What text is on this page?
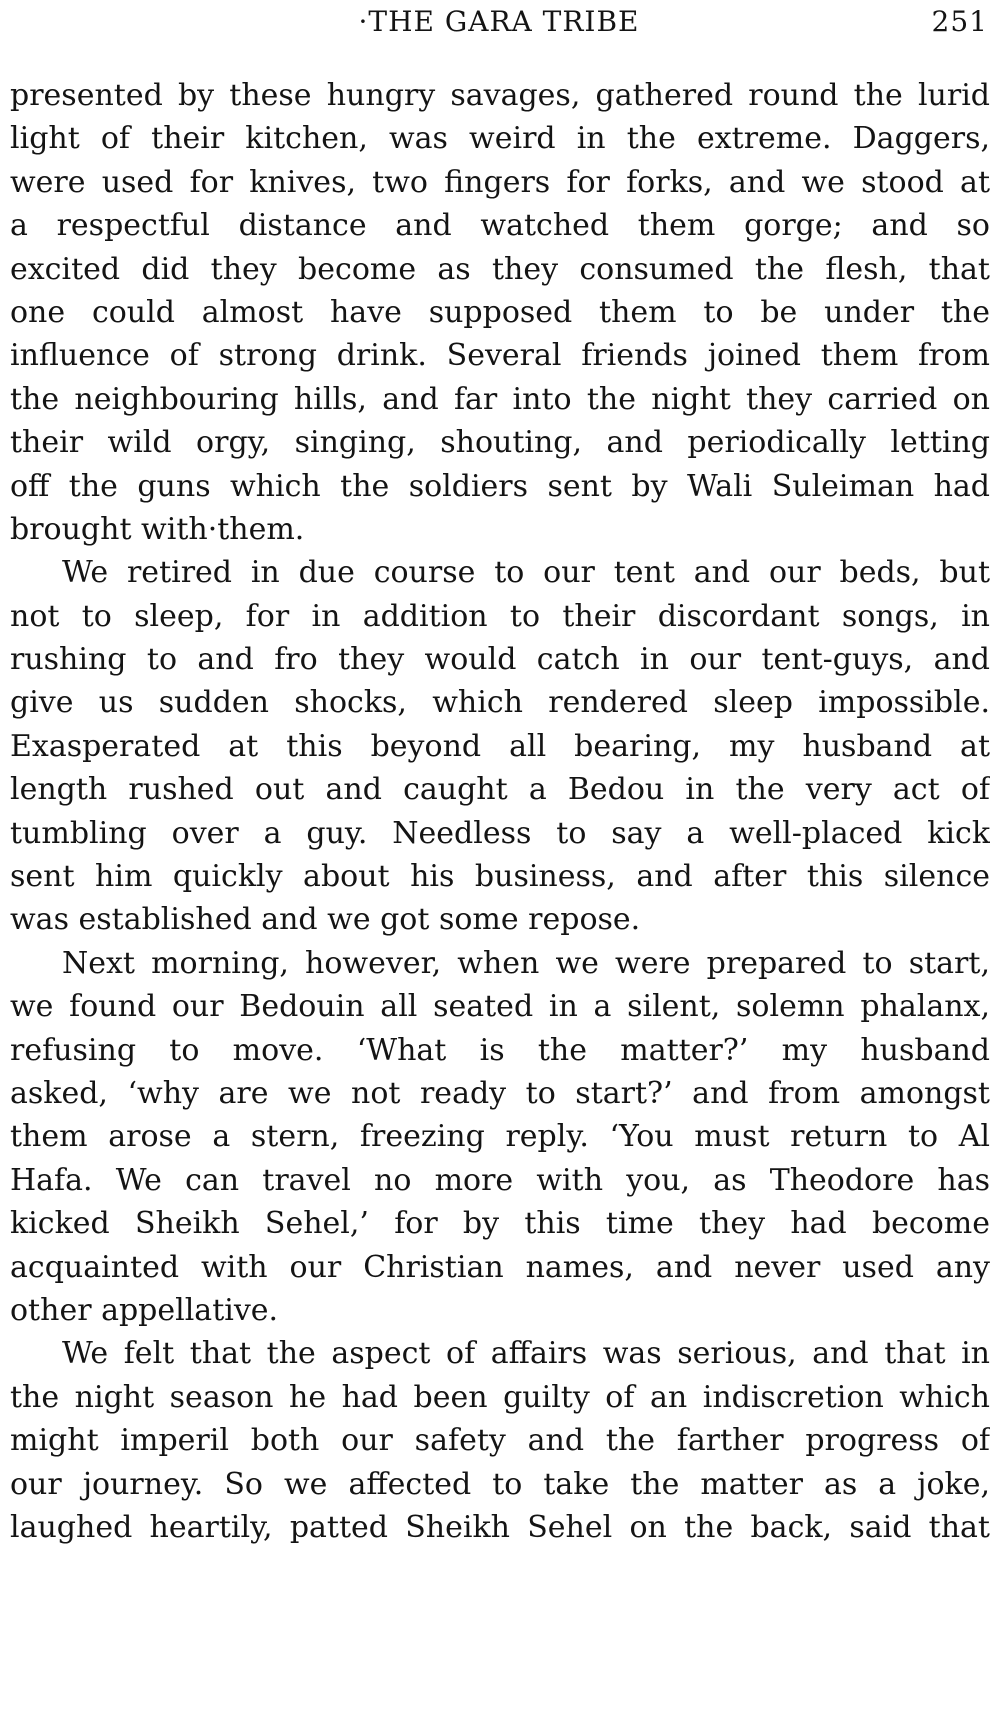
·THE GARA TRIBE	251
presented by these hungry savages, gathered round the lurid
light of their kitchen, was weird in the extreme. Daggers,
were used for knives, two fingers for forks, and we stood at
a respectful distance and watched them gorge; and so
excited did they become as they consumed the flesh, that
one could almost have supposed them to be under the
influence of strong drink. Several friends joined them from
the neighbouring hills, and far into the night they carried on
their wild orgy, singing, shouting, and periodically letting
off the guns which the soldiers sent by Wali Suleiman had
brought with·them.
We retired in due course to our tent and our beds, but
not to sleep, for in addition to their discordant songs, in
rushing to and fro they would catch in our tent-guys, and
give us sudden shocks, which rendered sleep impossible.
Exasperated at this beyond all bearing, my husband at
length rushed out and caught a Bedou in the very act of
tumbling over a guy. Needless to say a well-placed kick
sent him quickly about his business, and after this silence
was established and we got some repose.
Next morning, however, when we were prepared to start,
we found our Bedouin all seated in a silent, solemn phalanx,
refusing to move. ‘What is the matter?’ my husband
asked, ‘why are we not ready to start?’ and from amongst
them arose a stern, freezing reply. ‘You must return to Al
Hafa. We can travel no more with you, as Theodore has
kicked Sheikh Sehel,’ for by this time they had become
acquainted with our Christian names, and never used any
other appellative.
We felt that the aspect of affairs was serious, and that in
the night season he had been guilty of an indiscretion which
might imperil both our safety and the farther progress of
our journey. So we affected to take the matter as a joke,
laughed heartily, patted Sheikh Sehel on the back, said that
